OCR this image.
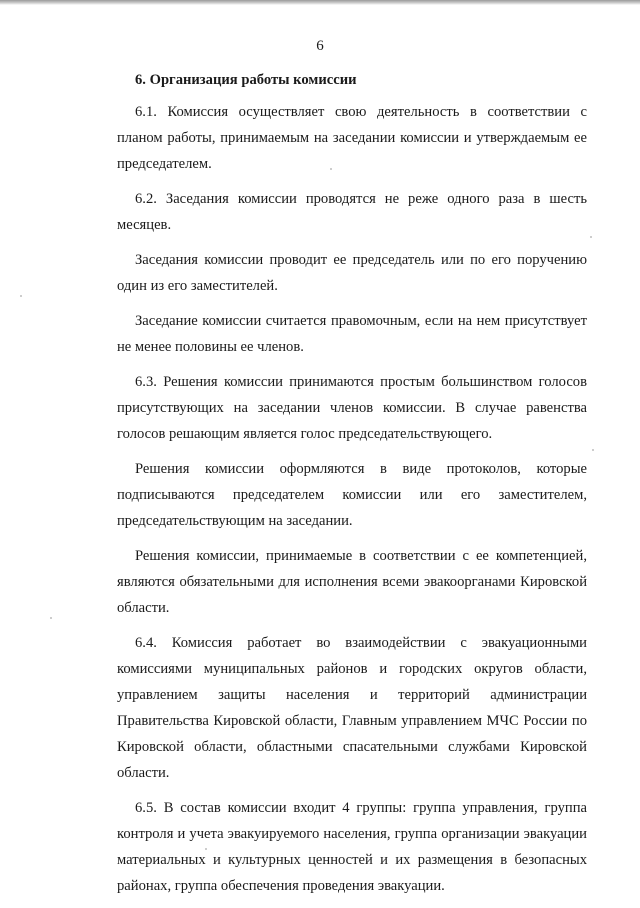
6

6. Организация работы комиссии

6.1. Комиссия осуществляет свою деятельность в соответствии с планом работы, принимаемым на заседании комиссии и утверждаемым ее председателем.

6.2. Заседания комиссии проводятся не реже одного раза в шесть месяцев.

Заседания комиссии проводит ее председатель или по его поручению один из его заместителей.

Заседание комиссии считается правомочным, если на нем присутствует не менее половины ее членов.

6.3. Решения комиссии принимаются простым большинством голосов присутствующих на заседании членов комиссии. В случае равенства голосов решающим является голос председательствующего.

Решения комиссии оформляются в виде протоколов, которые подписываются председателем комиссии или его заместителем, председательствующим на заседании.

Решения комиссии, принимаемые в соответствии с ее компетенцией, являются обязательными для исполнения всеми эвакоорганами Кировской области.

6.4. Комиссия работает во взаимодействии с эвакуационными комиссиями муниципальных районов и городских округов области, управлением защиты населения и территорий администрации Правительства Кировской области, Главным управлением МЧС России по Кировской области, областными спасательными службами Кировской области.

6.5. В состав комиссии входит 4 группы: группа управления, группа контроля и учета эвакуируемого населения, группа организации эвакуации материальных и культурных ценностей и их размещения в безопасных районах, группа обеспечения проведения эвакуации.
